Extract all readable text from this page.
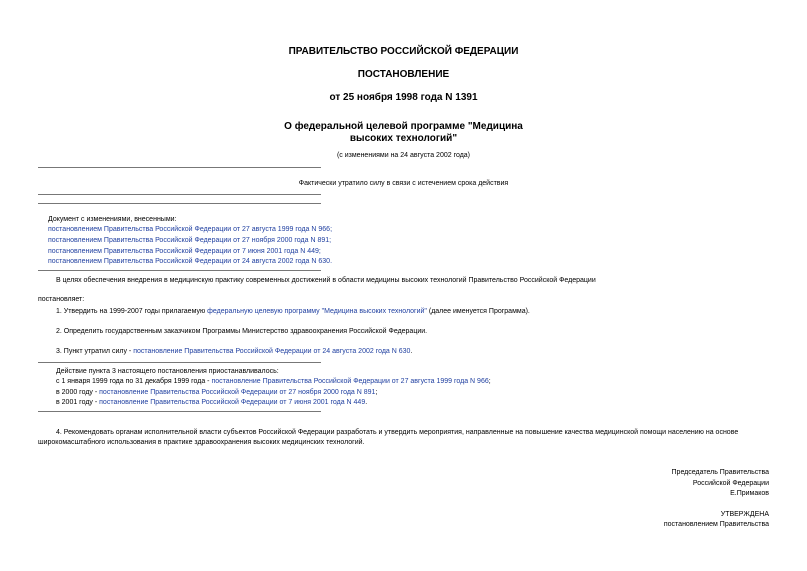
ПРАВИТЕЛЬСТВО РОССИЙСКОЙ ФЕДЕРАЦИИ
ПОСТАНОВЛЕНИЕ
от 25 ноября 1998 года N 1391
О федеральной целевой программе "Медицина
высоких технологий"
(с изменениями на 24 августа 2002 года)
Фактически утратило силу в связи с истечением срока действия
Документ с изменениями, внесенными:
постановлением Правительства Российской Федерации от 27 августа 1999 года N 966;
постановлением Правительства Российской Федерации от 27 ноября 2000 года N 891;
постановлением Правительства Российской Федерации от 7 июня 2001 года N 449;
постановлением Правительства Российской Федерации от 24 августа 2002 года N 630.
В целях обеспечения внедрения в медицинскую практику современных достижений в области медицины высоких технологий Правительство Российской Федерации
постановляет:
1. Утвердить на 1999-2007 годы прилагаемую федеральную целевую программу "Медицина высоких технологий" (далее именуется Программа).
2. Определить государственным заказчиком Программы Министерство здравоохранения Российской Федерации.
3. Пункт утратил силу - постановление Правительства Российской Федерации от 24 августа 2002 года N 630.
Действие пункта 3 настоящего постановления приостанавливалось:
с 1 января 1999 года по 31 декабря 1999 года - постановление Правительства Российской Федерации от 27 августа 1999 года N 966;
в 2000 году - постановление Правительства Российской Федерации от 27 ноября 2000 года N 891;
в 2001 году - постановление Правительства Российской Федерации от 7 июня 2001 года N 449.
4. Рекомендовать органам исполнительной власти субъектов Российской Федерации разработать и утвердить мероприятия, направленные на повышение качества медицинской помощи населению на основе
широкомасштабного использования в практике здравоохранения высоких медицинских технологий.
Председатель Правительства
Российской Федерации
Е.Примаков
УТВЕРЖДЕНА
постановлением Правительства
